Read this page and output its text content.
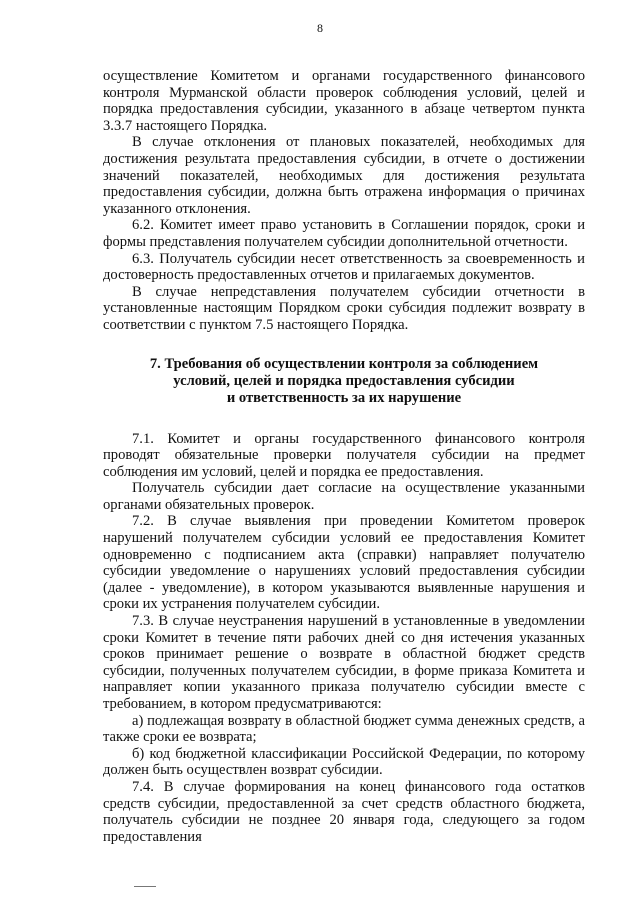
8

осуществление Комитетом и органами государственного финансового контроля Мурманской области проверок соблюдения условий, целей и порядка предоставления субсидии, указанного в абзаце четвертом пункта 3.3.7 настоящего Порядка.

В случае отклонения от плановых показателей, необходимых для достижения результата предоставления субсидии, в отчете о достижении значений показателей, необходимых для достижения результата предоставления субсидии, должна быть отражена информация о причинах указанного отклонения.

6.2. Комитет имеет право установить в Соглашении порядок, сроки и формы представления получателем субсидии дополнительной отчетности.

6.3. Получатель субсидии несет ответственность за своевременность и достоверность предоставленных отчетов и прилагаемых документов.

В случае непредставления получателем субсидии отчетности в установленные настоящим Порядком сроки субсидия подлежит возврату в соответствии с пунктом 7.5 настоящего Порядка.

7. Требования об осуществлении контроля за соблюдением
условий, целей и порядка предоставления субсидии
и ответственность за их нарушение

7.1. Комитет и органы государственного финансового контроля проводят обязательные проверки получателя субсидии на предмет соблюдения им условий, целей и порядка ее предоставления.

Получатель субсидии дает согласие на осуществление указанными органами обязательных проверок.

7.2. В случае выявления при проведении Комитетом проверок нарушений получателем субсидии условий ее предоставления Комитет одновременно с подписанием акта (справки) направляет получателю субсидии уведомление о нарушениях условий предоставления субсидии (далее - уведомление), в котором указываются выявленные нарушения и сроки их устранения получателем субсидии.

7.3. В случае неустранения нарушений в установленные в уведомлении сроки Комитет в течение пяти рабочих дней со дня истечения указанных сроков принимает решение о возврате в областной бюджет средств субсидии, полученных получателем субсидии, в форме приказа Комитета и направляет копии указанного приказа получателю субсидии вместе с требованием, в котором предусматриваются:

а) подлежащая возврату в областной бюджет сумма денежных средств, а также сроки ее возврата;

б) код бюджетной классификации Российской Федерации, по которому должен быть осуществлен возврат субсидии.

7.4. В случае формирования на конец финансового года остатков средств субсидии, предоставленной за счет средств областного бюджета, получатель субсидии не позднее 20 января года, следующего за годом предоставления
